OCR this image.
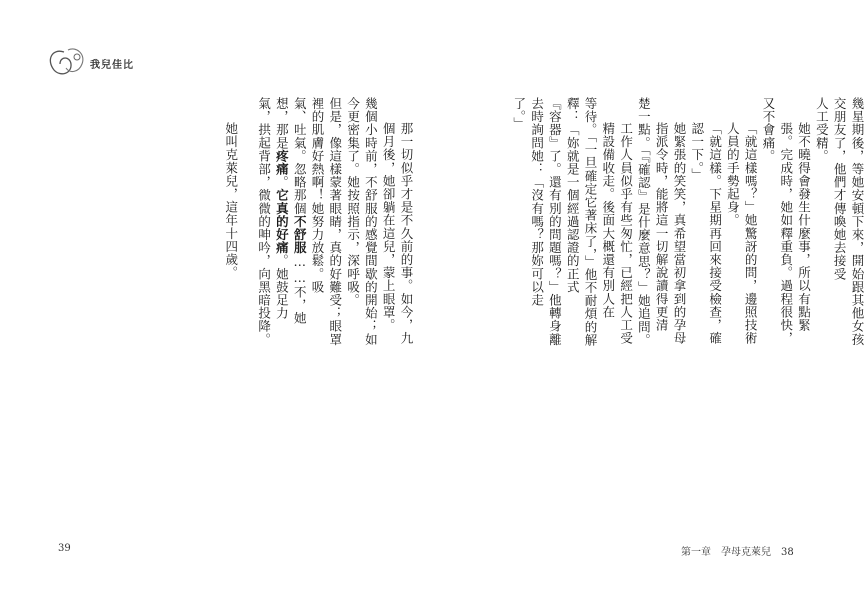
我兒佳比
那一切似乎才是不久前的事。如今，九個月後，她卻躺在這兒，蒙上眼罩。
幾個小時前，不舒服的感覺間歇的開始；如今更密集了。她按照指示，深呼吸。
但是，像這樣蒙著眼睛，真的好難受；眼罩裡的肌膚好熱啊！她努力放鬆。吸
氣、吐氣。忽略那個不舒服……不，她想，那是疼痛。它真的好痛。她鼓足力
氣，拱起背部，微微的呻吟，向黑暗投降。
她叫克萊兒，這年十四歲。
39
幾星期後，等她安頓下來，開始跟其他女孩交朋友了，他們才傳喚她去接受
人工受精。
她不曉得會發生什麼事，所以有點緊張。完成時，她如釋重負。過程很快，
又不會痛。
「就這樣嗎？」她驚訝的問，邊照技術人員的手勢起身。
「就這樣。下星期再回來接受檢查，確認一下。」
她緊張的笑笑，真希望當初拿到的孕母指派令時，能將這一切解說讀得更清
楚一點。「『確認』是什麼意思？」她追問。
工作人員似乎有些匆忙，已經把人工受精設備收走。後面大概還有別人在
等待。「一旦確定它著床了，」他不耐煩的解釋：「妳就是一個經過認證的正式
『容器』了。還有別的問題嗎？」他轉身離去時詢問她：「沒有嗎？那妳可以走
了。」
第一章　孕母克萊兒　38
